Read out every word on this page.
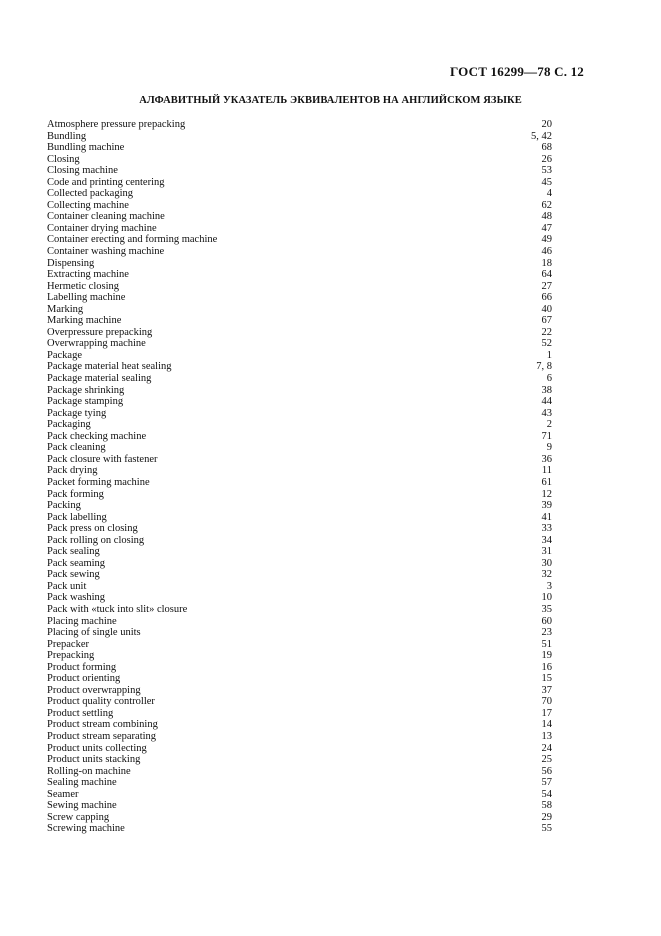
ГОСТ 16299—78 С. 12
АЛФАВИТНЫЙ УКАЗАТЕЛЬ ЭКВИВАЛЕНТОВ НА АНГЛИЙСКОМ ЯЗЫКЕ
Atmosphere pressure prepacking	20
Bundling	5, 42
Bundling machine	68
Closing	26
Closing machine	53
Code and printing centering	45
Collected packaging	4
Collecting machine	62
Container cleaning machine	48
Container drying machine	47
Container erecting and forming machine	49
Container washing machine	46
Dispensing	18
Extracting machine	64
Hermetic closing	27
Labelling machine	66
Marking	40
Marking machine	67
Overpressure prepacking	22
Overwrapping machine	52
Package	1
Package material heat sealing	7, 8
Package material sealing	6
Package shrinking	38
Package stamping	44
Package tying	43
Packaging	2
Pack checking machine	71
Pack cleaning	9
Pack closure with fastener	36
Pack drying	11
Packet forming machine	61
Pack forming	12
Packing	39
Pack labelling	41
Pack press on closing	33
Pack rolling on closing	34
Pack sealing	31
Pack seaming	30
Pack sewing	32
Pack unit	3
Pack washing	10
Pack with «tuck into slit» closure	35
Placing machine	60
Placing of single units	23
Prepacker	51
Prepacking	19
Product forming	16
Product orienting	15
Product overwrapping	37
Product quality controller	70
Product settling	17
Product stream combining	14
Product stream separating	13
Product units collecting	24
Product units stacking	25
Rolling-on machine	56
Sealing machine	57
Seamer	54
Sewing machine	58
Screw capping	29
Screwing machine	55
